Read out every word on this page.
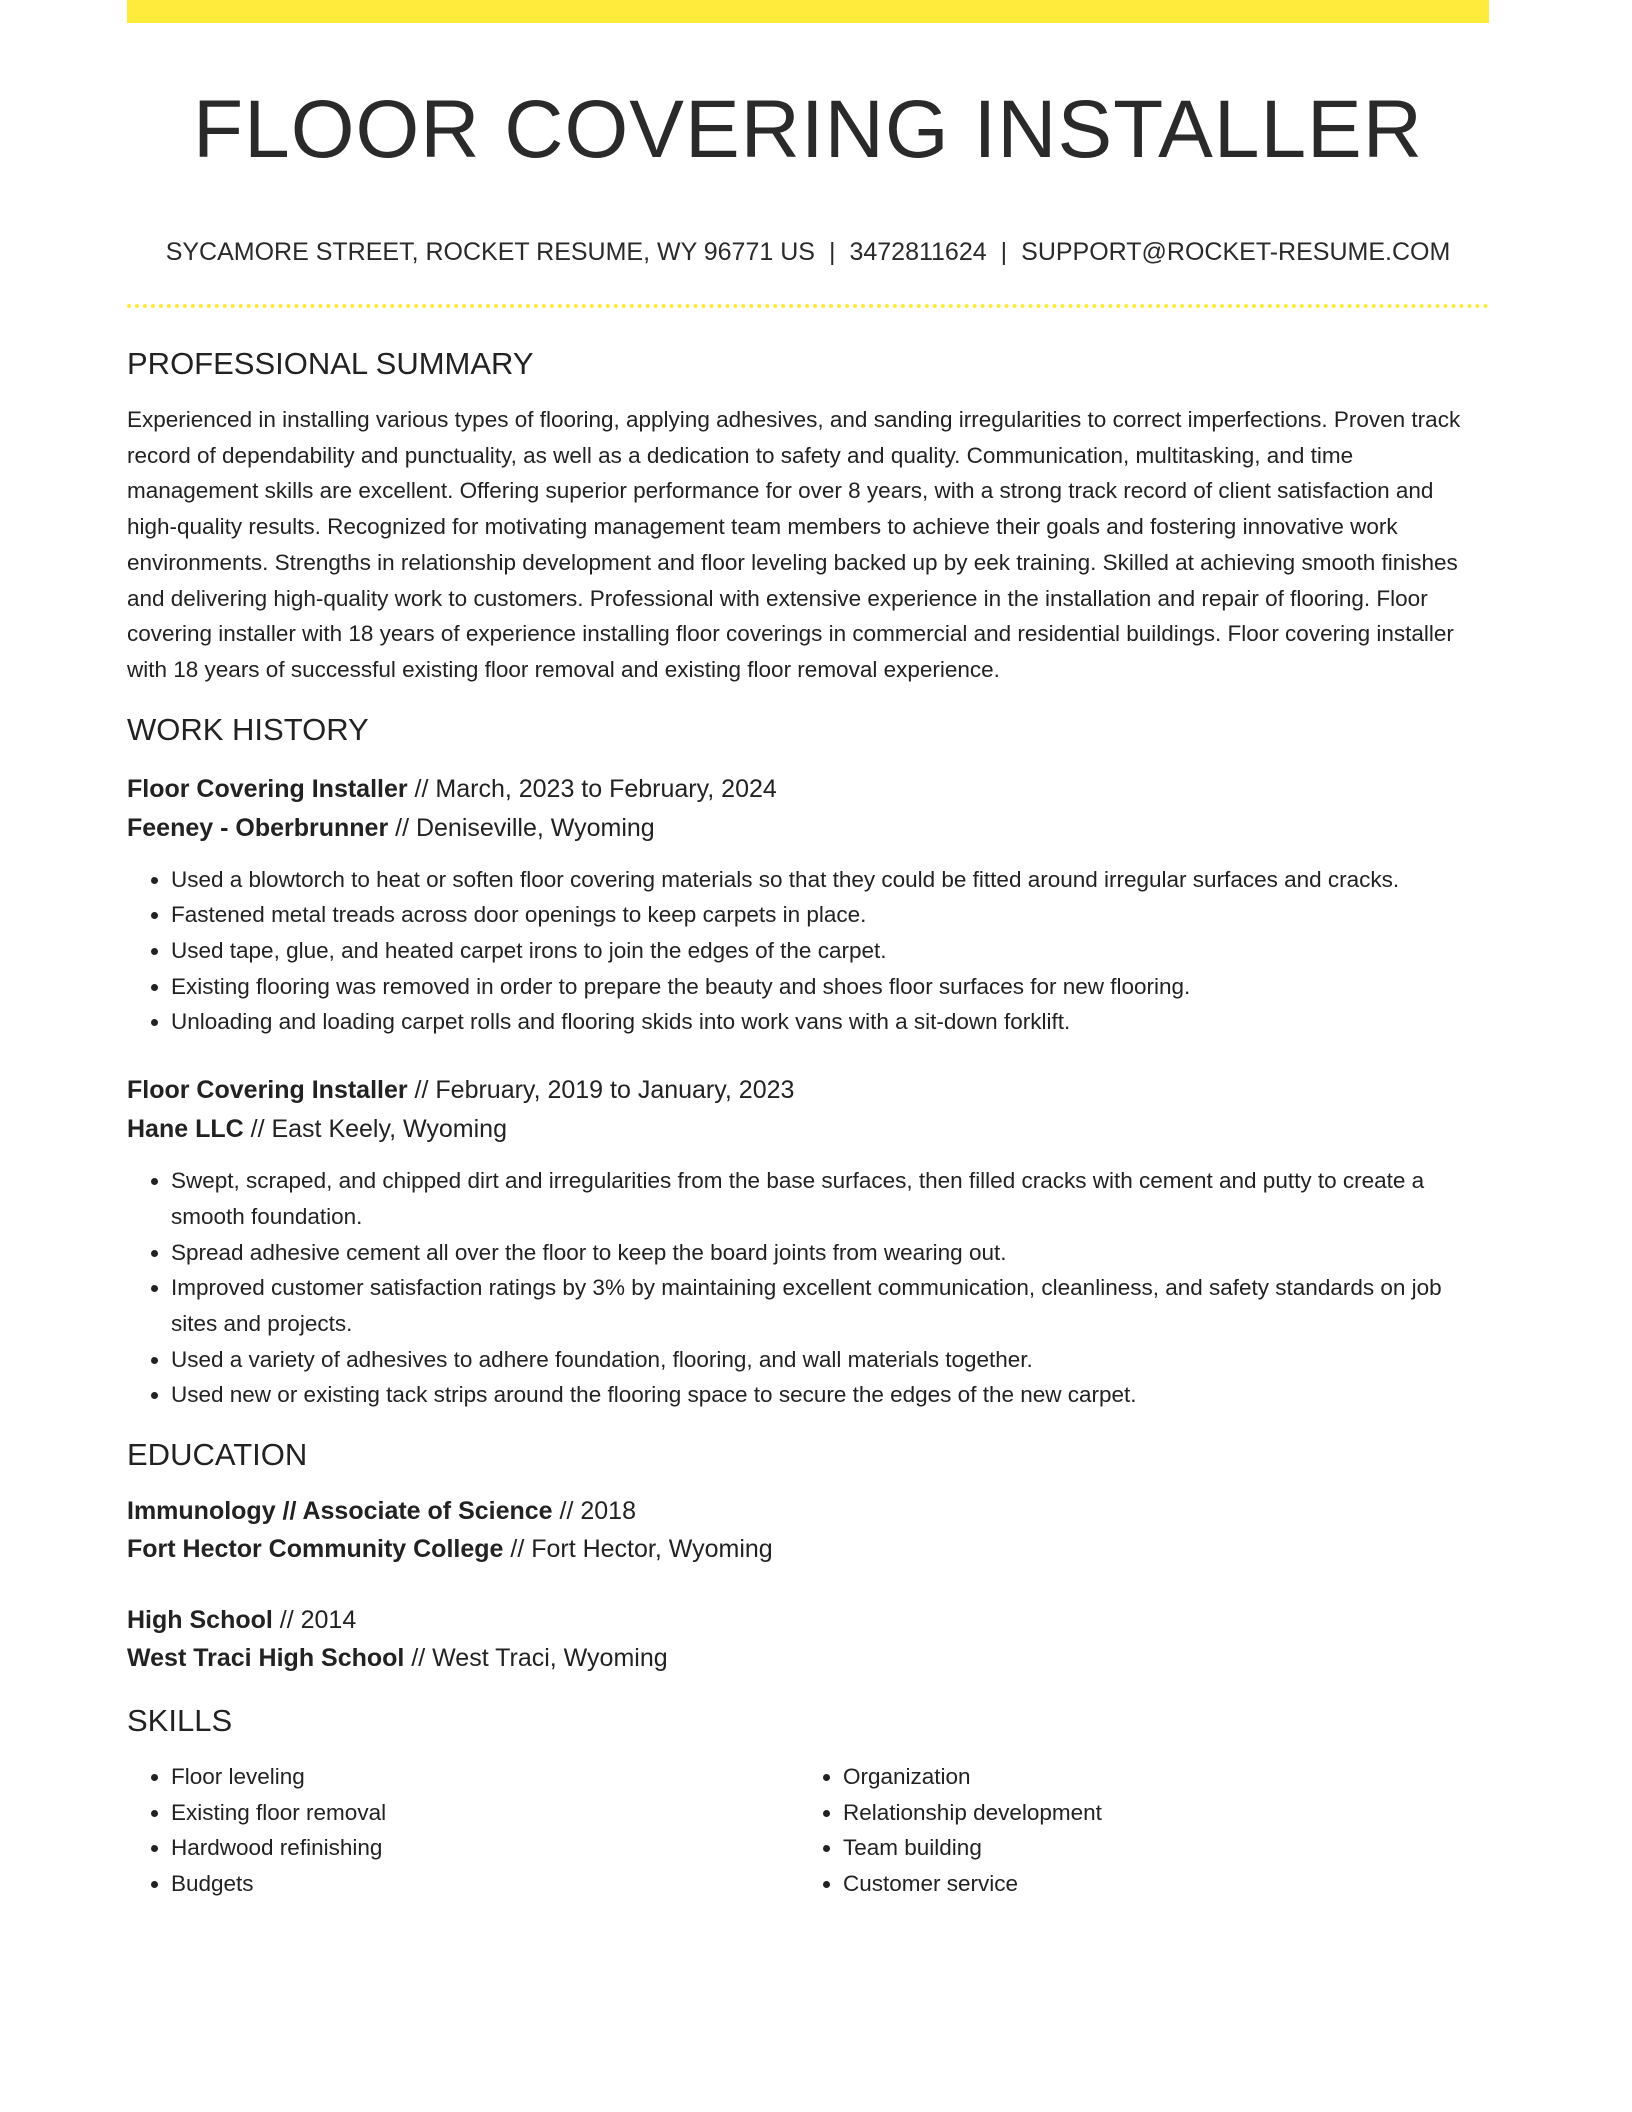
FLOOR COVERING INSTALLER
SYCAMORE STREET, ROCKET RESUME, WY 96771 US | 3472811624 | SUPPORT@ROCKET-RESUME.COM
PROFESSIONAL SUMMARY

Experienced in installing various types of flooring, applying adhesives, and sanding irregularities to correct imperfections. Proven track record of dependability and punctuality, as well as a dedication to safety and quality. Communication, multitasking, and time management skills are excellent. Offering superior performance for over 8 years, with a strong track record of client satisfaction and high-quality results. Recognized for motivating management team members to achieve their goals and fostering innovative work environments. Strengths in relationship development and floor leveling backed up by eek training. Skilled at achieving smooth finishes and delivering high-quality work to customers. Professional with extensive experience in the installation and repair of flooring. Floor covering installer with 18 years of experience installing floor coverings in commercial and residential buildings. Floor covering installer with 18 years of successful existing floor removal and existing floor removal experience.

WORK HISTORY
Floor Covering Installer // March, 2023 to February, 2024
Feeney - Oberbrunner // Deniseville, Wyoming
• Used a blowtorch to heat or soften floor covering materials so that they could be fitted around irregular surfaces and cracks.
• Fastened metal treads across door openings to keep carpets in place.
• Used tape, glue, and heated carpet irons to join the edges of the carpet.
• Existing flooring was removed in order to prepare the beauty and shoes floor surfaces for new flooring.
• Unloading and loading carpet rolls and flooring skids into work vans with a sit-down forklift.
Floor Covering Installer // February, 2019 to January, 2023
Hane LLC // East Keely, Wyoming
• Swept, scraped, and chipped dirt and irregularities from the base surfaces, then filled cracks with cement and putty to create a smooth foundation.
• Spread adhesive cement all over the floor to keep the board joints from wearing out.
• Improved customer satisfaction ratings by 3% by maintaining excellent communication, cleanliness, and safety standards on job sites and projects.
• Used a variety of adhesives to adhere foundation, flooring, and wall materials together.
• Used new or existing tack strips around the flooring space to secure the edges of the new carpet.
EDUCATION
Immunology // Associate of Science // 2018
Fort Hector Community College // Fort Hector, Wyoming
High School // 2014
West Traci High School // West Traci, Wyoming
SKILLS
• Floor leveling
• Existing floor removal
• Hardwood refinishing
• Budgets
• Organization
• Relationship development
• Team building
• Customer service
